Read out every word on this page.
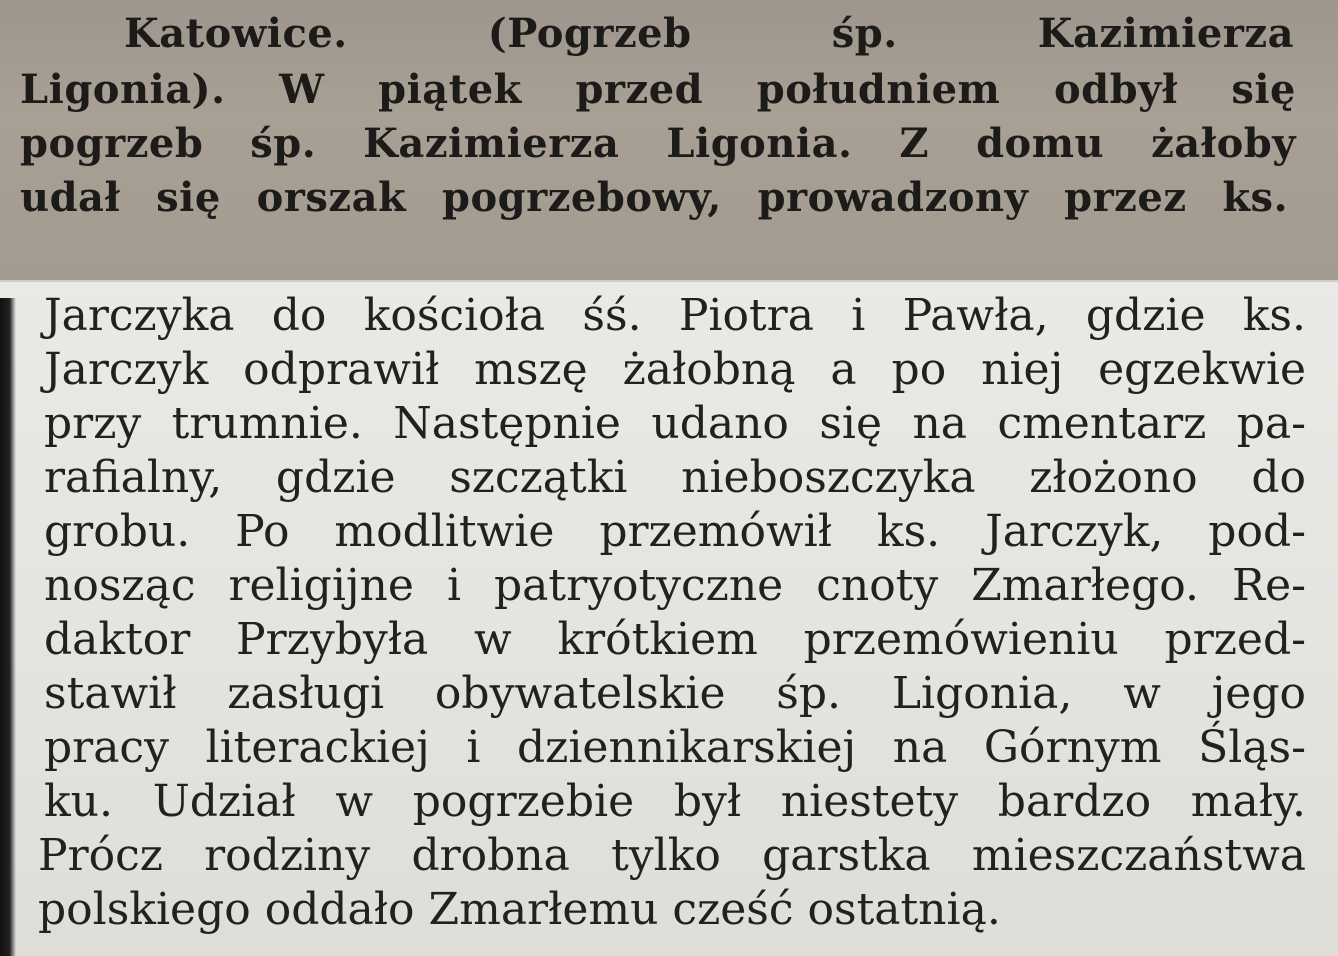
Katowice. (Pogrzeb śp. Kazimierza
Ligonia). W piątek przed południem odbył się
pogrzeb śp. Kazimierza Ligonia. Z domu żałoby
udał się orszak pogrzebowy, prowadzony przez ks.
Jarczyka do kościoła śś. Piotra i Pawła, gdzie ks.
Jarczyk odprawił mszę żałobną a po niej egzekwie
przy trumnie. Następnie udano się na cmentarz pa-
rafialny, gdzie szczątki nieboszczyka złożono do
grobu. Po modlitwie przemówił ks. Jarczyk, pod-
nosząc religijne i patryotyczne cnoty Zmarłego. Re-
daktor Przybyła w krótkiem przemówieniu przed-
stawił zasługi obywatelskie śp. Ligonia, w jego
pracy literackiej i dziennikarskiej na Górnym Śląs-
ku. Udział w pogrzebie był niestety bardzo mały.
Prócz rodziny drobna tylko garstka mieszczaństwa
polskiego oddało Zmarłemu cześć ostatnią.
